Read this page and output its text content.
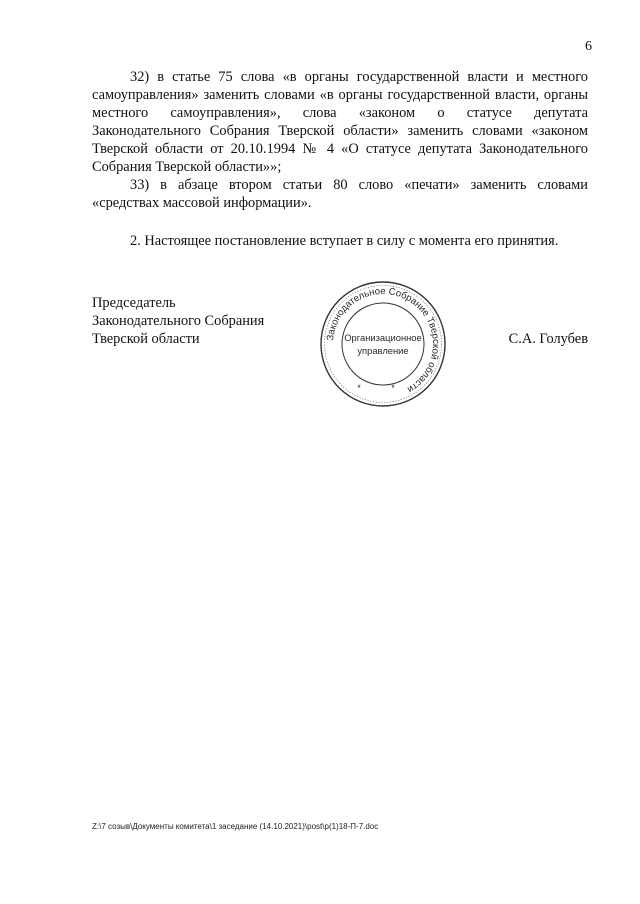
6

32) в статье 75 слова «в органы государственной власти и местного самоуправления» заменить словами «в органы государственной власти, органы местного самоуправления», слова «законом о статусе депутата Законодательного Собрания Тверской области» заменить словами «законом Тверской области от 20.10.1994 № 4 «О статусе депутата Законодательного Собрания Тверской области»»;

33) в абзаце втором статьи 80 слово «печати» заменить словами «средствах массовой информации».

2. Настоящее постановление вступает в силу с момента его принятия.

Председатель
Законодательного Собрания
Тверской области	Законодательное Собрание Тверской области
Организационное
управление
* *
С.А. Голубев
Z:\7 созыв\Документы комитета\1 заседание (14.10.2021)\post\p(1)18-П-7.doc
